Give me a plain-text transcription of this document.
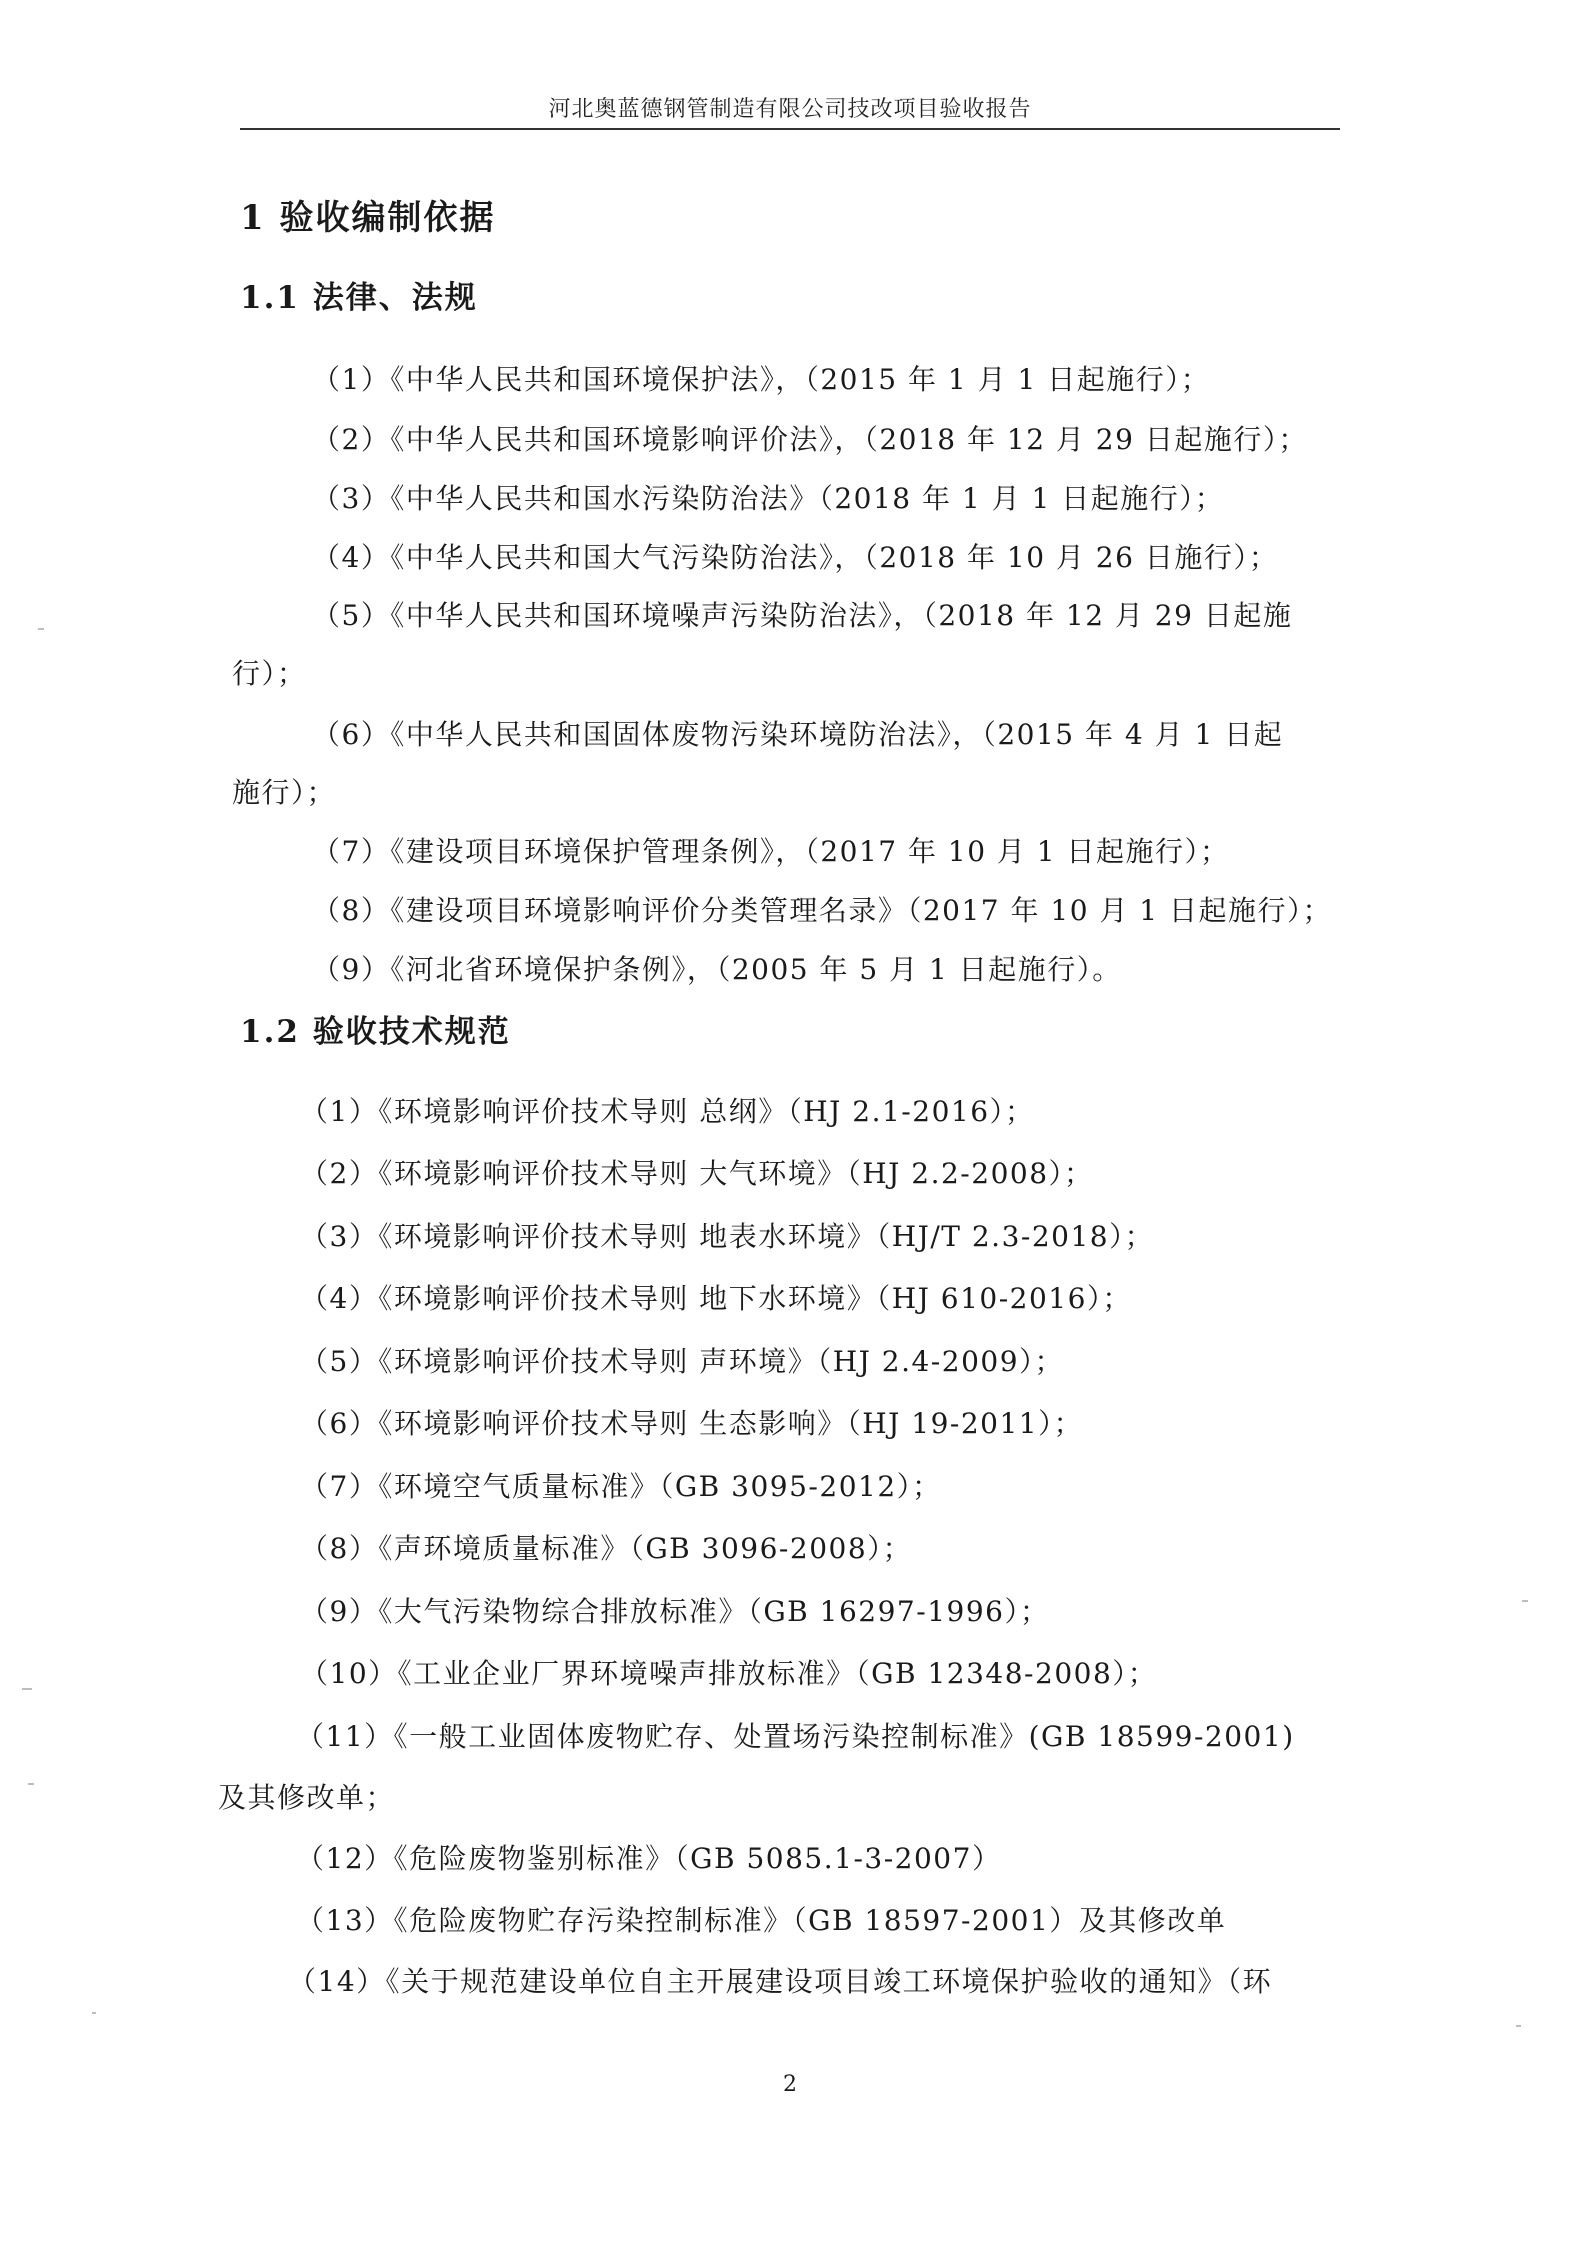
河北奥蓝德钢管制造有限公司技改项目验收报告
1 验收编制依据
1.1 法律、法规
（1）《中华人民共和国环境保护法》，（2015 年 1 月 1 日起施行）；
（2）《中华人民共和国环境影响评价法》，（2018 年 12 月 29 日起施行）；
（3）《中华人民共和国水污染防治法》（2018 年 1 月 1 日起施行）；
（4）《中华人民共和国大气污染防治法》，（2018 年 10 月 26 日施行）；
（5）《中华人民共和国环境噪声污染防治法》，（2018 年 12 月 29 日起施
行）；
（6）《中华人民共和国固体废物污染环境防治法》，（2015 年 4 月 1 日起
施行）；
（7）《建设项目环境保护管理条例》，（2017 年 10 月 1 日起施行）；
（8）《建设项目环境影响评价分类管理名录》（2017 年 10 月 1 日起施行）；
（9）《河北省环境保护条例》，（2005 年 5 月 1 日起施行）。
1.2 验收技术规范
（1）《环境影响评价技术导则 总纲》（HJ 2.1-2016）；
（2）《环境影响评价技术导则 大气环境》（HJ 2.2-2008）；
（3）《环境影响评价技术导则 地表水环境》（HJ/T 2.3-2018）；
（4）《环境影响评价技术导则 地下水环境》（HJ 610-2016）；
（5）《环境影响评价技术导则 声环境》（HJ 2.4-2009）；
（6）《环境影响评价技术导则 生态影响》（HJ 19-2011）；
（7）《环境空气质量标准》（GB 3095-2012）；
（8）《声环境质量标准》（GB 3096-2008）；
（9）《大气污染物综合排放标准》（GB 16297-1996）；
（10）《工业企业厂界环境噪声排放标准》（GB 12348-2008）；
（11）《一般工业固体废物贮存、处置场污染控制标准》(GB 18599-2001)
及其修改单；
（12）《危险废物鉴别标准》（GB 5085.1-3-2007）
（13）《危险废物贮存污染控制标准》（GB 18597-2001）及其修改单
（14）《关于规范建设单位自主开展建设项目竣工环境保护验收的通知》（环
2
